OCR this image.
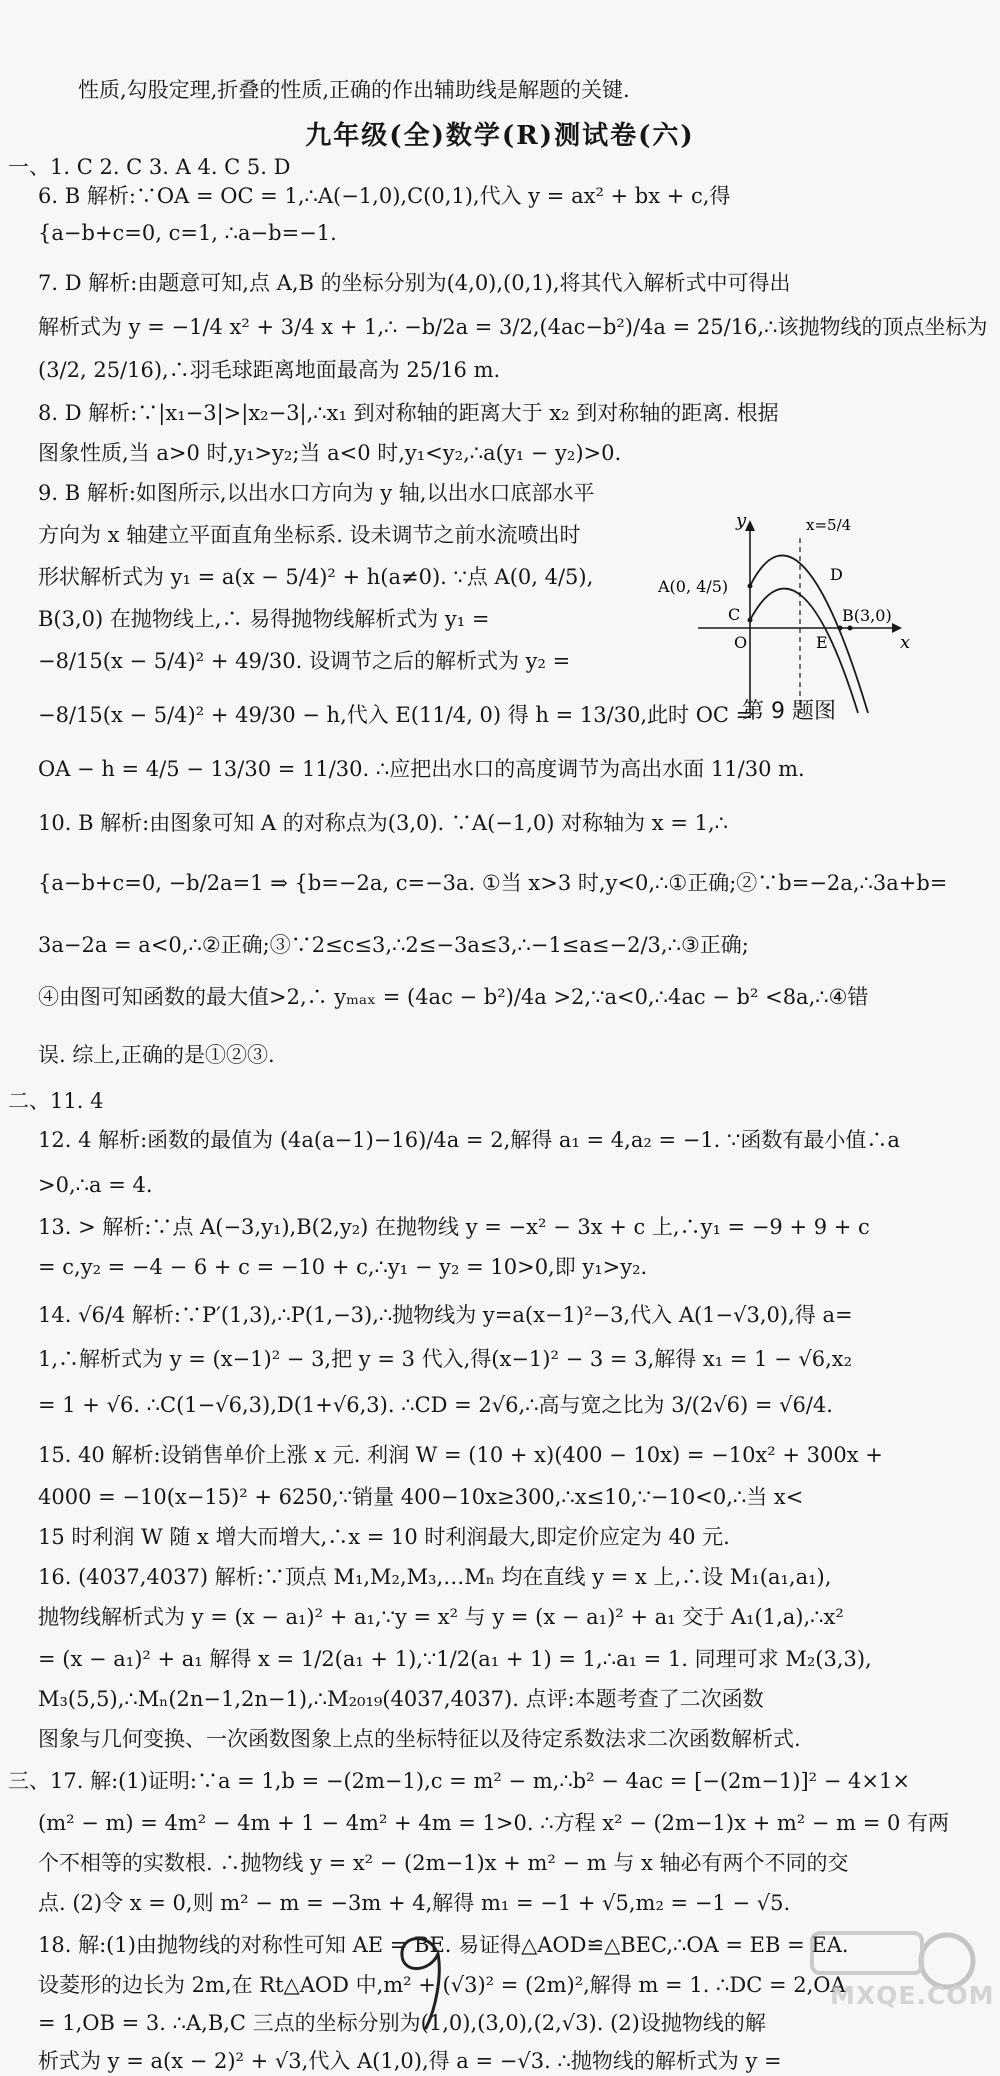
性质,勾股定理,折叠的性质,正确的作出辅助线是解题的关键.
九年级(全)数学(R)测试卷(六)
一、1. C 2. C 3. A 4. C 5. D
6. B 解析:∵OA = OC = 1,∴A(−1,0),C(0,1),代入 y = ax² + bx + c,得
{a−b+c=0, c=1, ∴a−b=−1.
7. D 解析:由题意可知,点 A,B 的坐标分别为(4,0),(0,1),将其代入解析式中可得出
解析式为 y = −1/4 x² + 3/4 x + 1,∴ −b/2a = 3/2,(4ac−b²)/4a = 25/16,∴该抛物线的顶点坐标为
(3/2, 25/16),∴羽毛球距离地面最高为 25/16 m.
8. D 解析:∵|x₁−3|>|x₂−3|,∴x₁ 到对称轴的距离大于 x₂ 到对称轴的距离. 根据
图象性质,当 a>0 时,y₁>y₂;当 a<0 时,y₁<y₂,∴a(y₁ − y₂)>0.
9. B 解析:如图所示,以出水口方向为 y 轴,以出水口底部水平
方向为 x 轴建立平面直角坐标系. 设未调节之前水流喷出时
形状解析式为 y₁ = a(x − 5/4)² + h(a≠0). ∵点 A(0, 4/5),
B(3,0) 在抛物线上,∴ 易得抛物线解析式为 y₁ =
−8/15(x − 5/4)² + 49/30. 设调节之后的解析式为 y₂ =
−8/15(x − 5/4)² + 49/30 − h,代入 E(11/4, 0) 得 h = 13/30,此时 OC =
OA − h = 4/5 − 13/30 = 11/30. ∴应把出水口的高度调节为高出水面 11/30 m.
10. B 解析:由图象可知 A 的对称点为(3,0). ∵A(−1,0) 对称轴为 x = 1,∴
{a−b+c=0, −b/2a=1 ⇒ {b=−2a, c=−3a. ①当 x>3 时,y<0,∴①正确;②∵b=−2a,∴3a+b=
3a−2a = a<0,∴②正确;③∵2≤c≤3,∴2≤−3a≤3,∴−1≤a≤−2/3,∴③正确;
④由图可知函数的最大值>2,∴ yₘₐₓ = (4ac − b²)/4a >2,∵a<0,∴4ac − b² <8a,∴④错
误. 综上,正确的是①②③.
二、11. 4
12. 4 解析:函数的最值为 (4a(a−1)−16)/4a = 2,解得 a₁ = 4,a₂ = −1. ∵函数有最小值∴a
>0,∴a = 4.
13. > 解析:∵点 A(−3,y₁),B(2,y₂) 在抛物线 y = −x² − 3x + c 上,∴y₁ = −9 + 9 + c
= c,y₂ = −4 − 6 + c = −10 + c,∴y₁ − y₂ = 10>0,即 y₁>y₂.
14. √6/4 解析:∵P′(1,3),∴P(1,−3),∴抛物线为 y=a(x−1)²−3,代入 A(1−√3,0),得 a=
1,∴解析式为 y = (x−1)² − 3,把 y = 3 代入,得(x−1)² − 3 = 3,解得 x₁ = 1 − √6,x₂
= 1 + √6. ∴C(1−√6,3),D(1+√6,3). ∴CD = 2√6,∴高与宽之比为 3/(2√6) = √6/4.
15. 40 解析:设销售单价上涨 x 元. 利润 W = (10 + x)(400 − 10x) = −10x² + 300x +
4000 = −10(x−15)² + 6250,∵销量 400−10x≥300,∴x≤10,∵−10<0,∴当 x<
15 时利润 W 随 x 增大而增大,∴x = 10 时利润最大,即定价应定为 40 元.
16. (4037,4037) 解析:∵顶点 M₁,M₂,M₃,…Mₙ 均在直线 y = x 上,∴设 M₁(a₁,a₁),
抛物线解析式为 y = (x − a₁)² + a₁,∵y = x² 与 y = (x − a₁)² + a₁ 交于 A₁(1,a),∴x²
= (x − a₁)² + a₁ 解得 x = 1/2(a₁ + 1),∵1/2(a₁ + 1) = 1,∴a₁ = 1. 同理可求 M₂(3,3),
M₃(5,5),∴Mₙ(2n−1,2n−1),∴M₂₀₁₉(4037,4037). 点评:本题考查了二次函数
图象与几何变换、一次函数图象上点的坐标特征以及待定系数法求二次函数解析式.
三、17. 解:(1)证明:∵a = 1,b = −(2m−1),c = m² − m,∴b² − 4ac = [−(2m−1)]² − 4×1×
(m² − m) = 4m² − 4m + 1 − 4m² + 4m = 1>0. ∴方程 x² − (2m−1)x + m² − m = 0 有两
个不相等的实数根. ∴抛物线 y = x² − (2m−1)x + m² − m 与 x 轴必有两个不同的交
点. (2)令 x = 0,则 m² − m = −3m + 4,解得 m₁ = −1 + √5,m₂ = −1 − √5.
18. 解:(1)由抛物线的对称性可知 AE = BE. 易证得△AOD≌△BEC,∴OA = EB = EA.
设菱形的边长为 2m,在 Rt△AOD 中,m² + (√3)² = (2m)²,解得 m = 1. ∴DC = 2,OA
= 1,OB = 3. ∴A,B,C 三点的坐标分别为(1,0),(3,0),(2,√3). (2)设抛物线的解
析式为 y = a(x − 2)² + √3,代入 A(1,0),得 a = −√3. ∴抛物线的解析式为 y =
y
x
x=5/4
A(0, 4/5)
D
C
O	E
B(3,0)
第 9 题图
MXQE.COM
